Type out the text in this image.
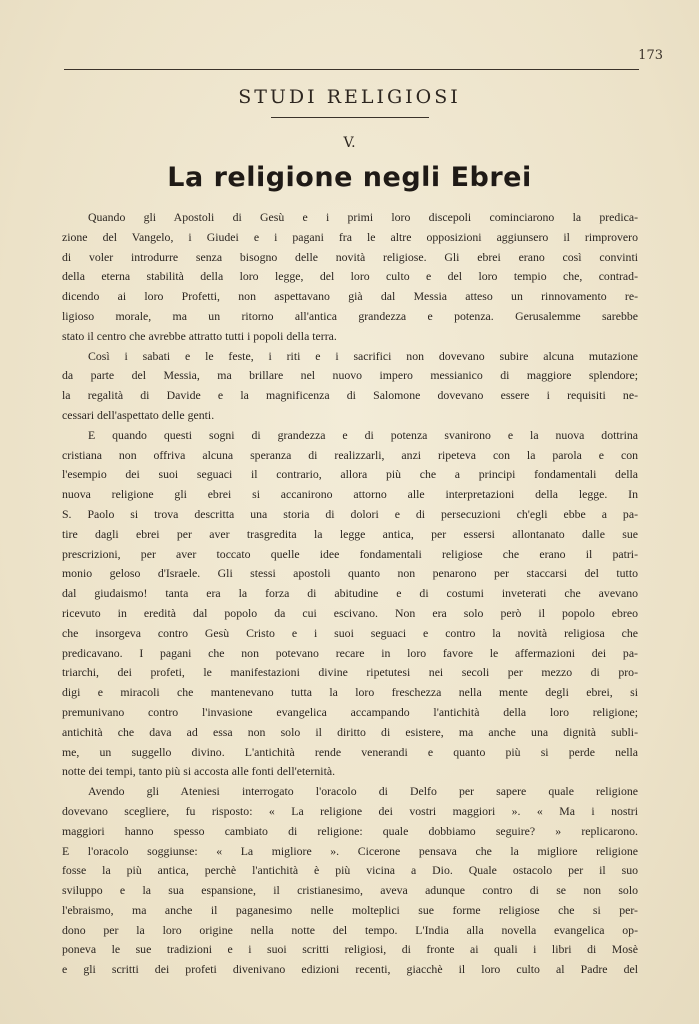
173
STUDI RELIGIOSI
V.
La religione negli Ebrei
Quando gli Apostoli di Gesù e i primi loro discepoli cominciarono la predica-
zione del Vangelo, i Giudei e i pagani fra le altre opposizioni aggiunsero il rimprovero
di voler introdurre senza bisogno delle novità religiose. Gli ebrei erano così convinti
della eterna stabilità della loro legge, del loro culto e del loro tempio che, contrad-
dicendo ai loro Profetti, non aspettavano già dal Messia atteso un rinnovamento re-
ligioso morale, ma un ritorno all'antica grandezza e potenza. Gerusalemme sarebbe
stato il centro che avrebbe attratto tutti i popoli della terra.
Così i sabati e le feste, i riti e i sacrifici non dovevano subire alcuna mutazione
da parte del Messia, ma brillare nel nuovo impero messianico di maggiore splendore;
la regalità di Davide e la magnificenza di Salomone dovevano essere i requisiti ne-
cessari dell'aspettato delle genti.
E quando questi sogni di grandezza e di potenza svanirono e la nuova dottrina
cristiana non offriva alcuna speranza di realizzarli, anzi ripeteva con la parola e con
l'esempio dei suoi seguaci il contrario, allora più che a principi fondamentali della
nuova religione gli ebrei si accanirono attorno alle interpretazioni della legge. In
S. Paolo si trova descritta una storia di dolori e di persecuzioni ch'egli ebbe a pa-
tire dagli ebrei per aver trasgredita la legge antica, per essersi allontanato dalle sue
prescrizioni, per aver toccato quelle idee fondamentali religiose che erano il patri-
monio geloso d'Israele. Gli stessi apostoli quanto non penarono per staccarsi del tutto
dal giudaismo! tanta era la forza di abitudine e di costumi inveterati che avevano
ricevuto in eredità dal popolo da cui escivano. Non era solo però il popolo ebreo
che insorgeva contro Gesù Cristo e i suoi seguaci e contro la novità religiosa che
predicavano. I pagani che non potevano recare in loro favore le affermazioni dei pa-
triarchi, dei profeti, le manifestazioni divine ripetutesi nei secoli per mezzo di pro-
digi e miracoli che mantenevano tutta la loro freschezza nella mente degli ebrei, si
premunivano contro l'invasione evangelica accampando l'antichità della loro religione;
antichità che dava ad essa non solo il diritto di esistere, ma anche una dignità subli-
me, un suggello divino. L'antichità rende venerandi e quanto più si perde nella
notte dei tempi, tanto più si accosta alle fonti dell'eternità.
Avendo gli Ateniesi interrogato l'oracolo di Delfo per sapere quale religione
dovevano scegliere, fu risposto: « La religione dei vostri maggiori ». « Ma i nostri
maggiori hanno spesso cambiato di religione: quale dobbiamo seguire? » replicarono.
E l'oracolo soggiunse: « La migliore ». Cicerone pensava che la migliore religione
fosse la più antica, perchè l'antichità è più vicina a Dio. Quale ostacolo per il suo
sviluppo e la sua espansione, il cristianesimo, aveva adunque contro di se non solo
l'ebraismo, ma anche il paganesimo nelle molteplici sue forme religiose che si per-
dono per la loro origine nella notte del tempo. L'India alla novella evangelica op-
poneva le sue tradizioni e i suoi scritti religiosi, di fronte ai quali i libri di Mosè
e gli scritti dei profeti divenivano edizioni recenti, giacchè il loro culto al Padre del
